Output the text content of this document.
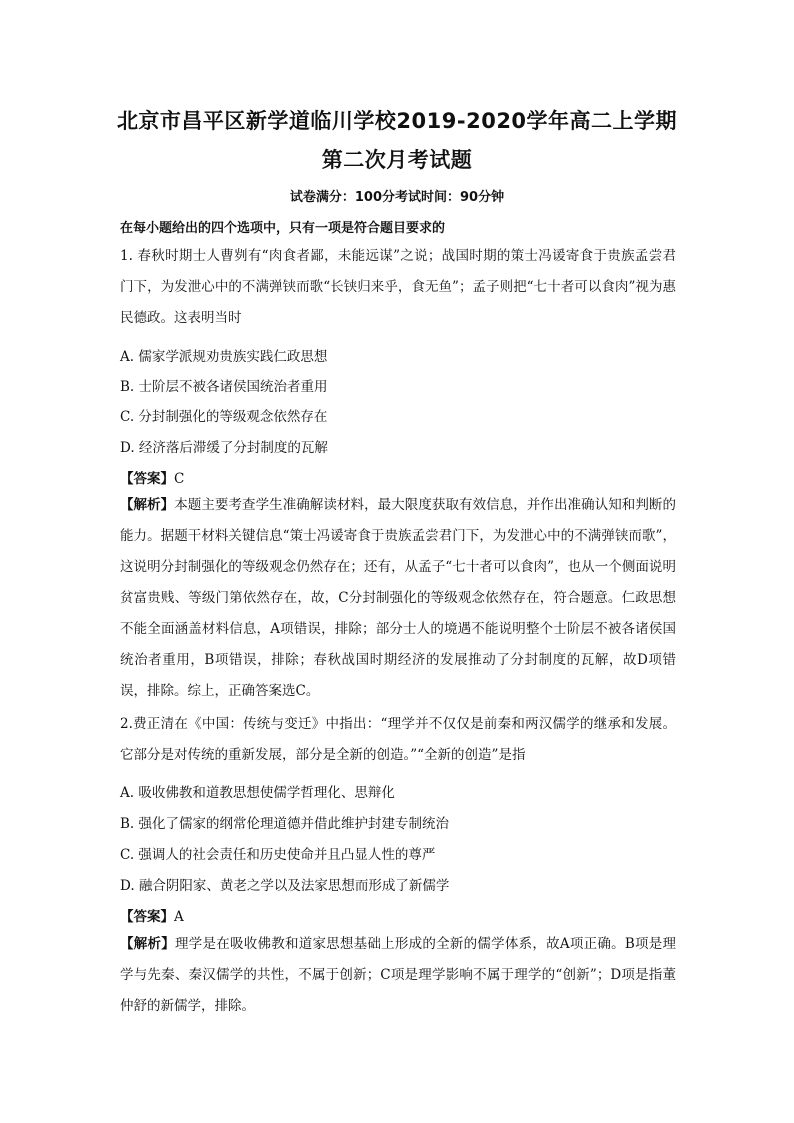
北京市昌平区新学道临川学校2019-2020学年高二上学期
第二次月考试题
试卷满分：100分考试时间：90分钟
在每小题给出的四个选项中，只有一项是符合题目要求的

1. 春秋时期士人曹刿有“肉食者鄙，未能远谋”之说；战国时期的策士冯谖寄食于贵族孟尝君门下，为发泄心中的不满弹铗而歌“长铗归来乎，食无鱼”；孟子则把“七十者可以食肉”视为惠民德政。这表明当时

A. 儒家学派规劝贵族实践仁政思想
B. 士阶层不被各诸侯国统治者重用
C. 分封制强化的等级观念依然存在
D. 经济落后滞缓了分封制度的瓦解
【答案】C

【解析】本题主要考查学生准确解读材料，最大限度获取有效信息，并作出准确认知和判断的能力。据题干材料关键信息“策士冯谖寄食于贵族孟尝君门下，为发泄心中的不满弹铗而歌”，这说明分封制强化的等级观念仍然存在；还有，从孟子“七十者可以食肉”，也从一个侧面说明贫富贵贱、等级门第依然存在，故，C分封制强化的等级观念依然存在，符合题意。仁政思想不能全面涵盖材料信息，A项错误，排除；部分士人的境遇不能说明整个士阶层不被各诸侯国统治者重用，B项错误，排除；春秋战国时期经济的发展推动了分封制度的瓦解，故D项错误，排除。综上，正确答案选C。

2.费正清在《中国：传统与变迁》中指出：“理学并不仅仅是前秦和两汉儒学的继承和发展。它部分是对传统的重新发展，部分是全新的创造。”“全新的创造”是指

A. 吸收佛教和道教思想使儒学哲理化、思辩化
B. 强化了儒家的纲常伦理道德并借此维护封建专制统治
C. 强调人的社会责任和历史使命并且凸显人性的尊严
D. 融合阴阳家、黄老之学以及法家思想而形成了新儒学
【答案】A

【解析】理学是在吸收佛教和道家思想基础上形成的全新的儒学体系，故A项正确。B项是理学与先秦、秦汉儒学的共性，不属于创新；C项是理学影响不属于理学的“创新”；D项是指董仲舒的新儒学，排除。
